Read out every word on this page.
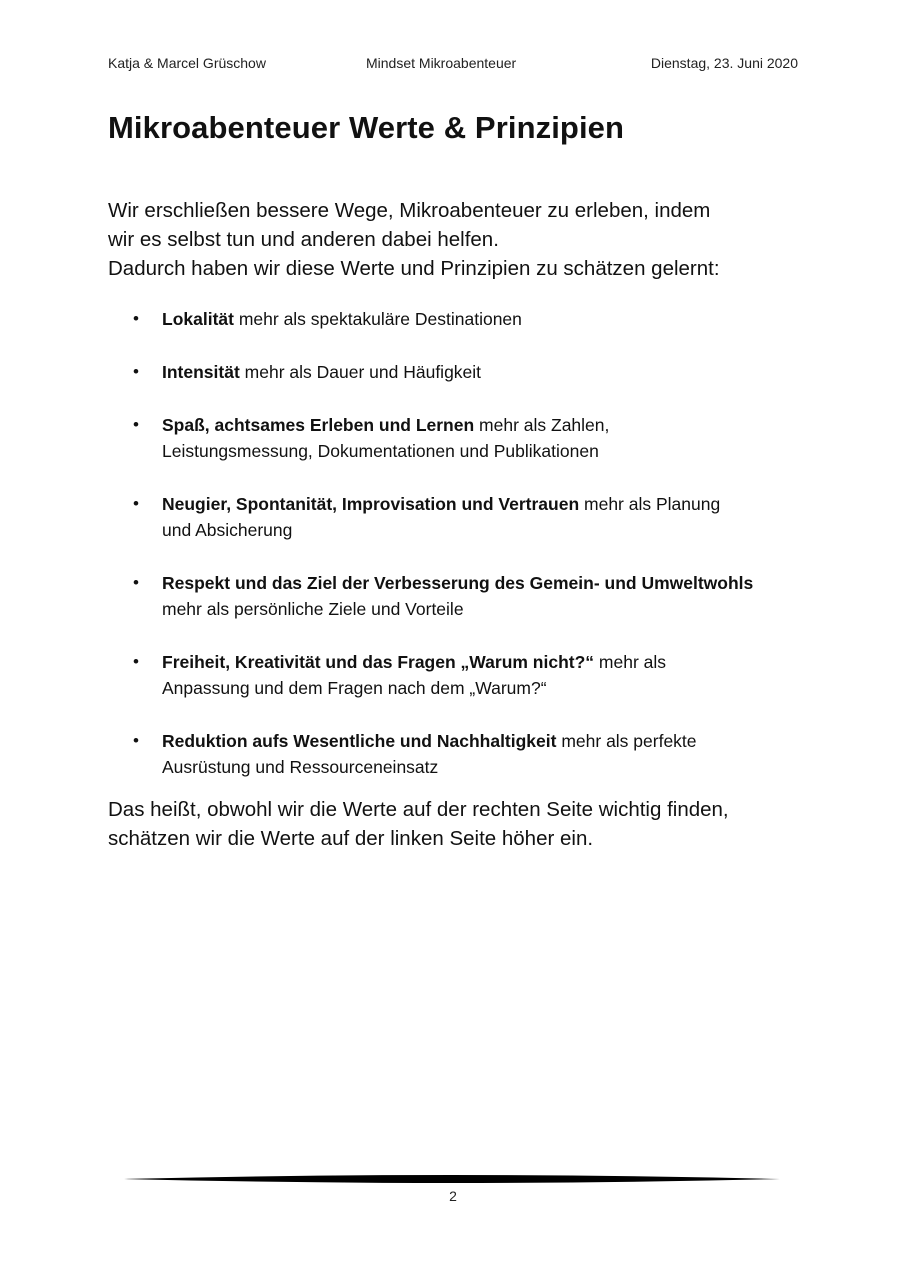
Katja & Marcel Grüschow	Mindset Mikroabenteuer	Dienstag, 23. Juni 2020
Mikroabenteuer Werte & Prinzipien
Wir erschließen bessere Wege, Mikroabenteuer zu erleben, indem
wir es selbst tun und anderen dabei helfen.
Dadurch haben wir diese Werte und Prinzipien zu schätzen gelernt:
• Lokalität mehr als spektakuläre Destinationen
• Intensität mehr als Dauer und Häufigkeit
• Spaß, achtsames Erleben und Lernen mehr als Zahlen,
Leistungsmessung, Dokumentationen und Publikationen
• Neugier, Spontanität, Improvisation und Vertrauen mehr als Planung
und Absicherung
• Respekt und das Ziel der Verbesserung des Gemein- und Umweltwohls
mehr als persönliche Ziele und Vorteile
• Freiheit, Kreativität und das Fragen „Warum nicht?“ mehr als
Anpassung und dem Fragen nach dem „Warum?“
• Reduktion aufs Wesentliche und Nachhaltigkeit mehr als perfekte
Ausrüstung und Ressourceneinsatz
Das heißt, obwohl wir die Werte auf der rechten Seite wichtig finden,
schätzen wir die Werte auf der linken Seite höher ein.
2
